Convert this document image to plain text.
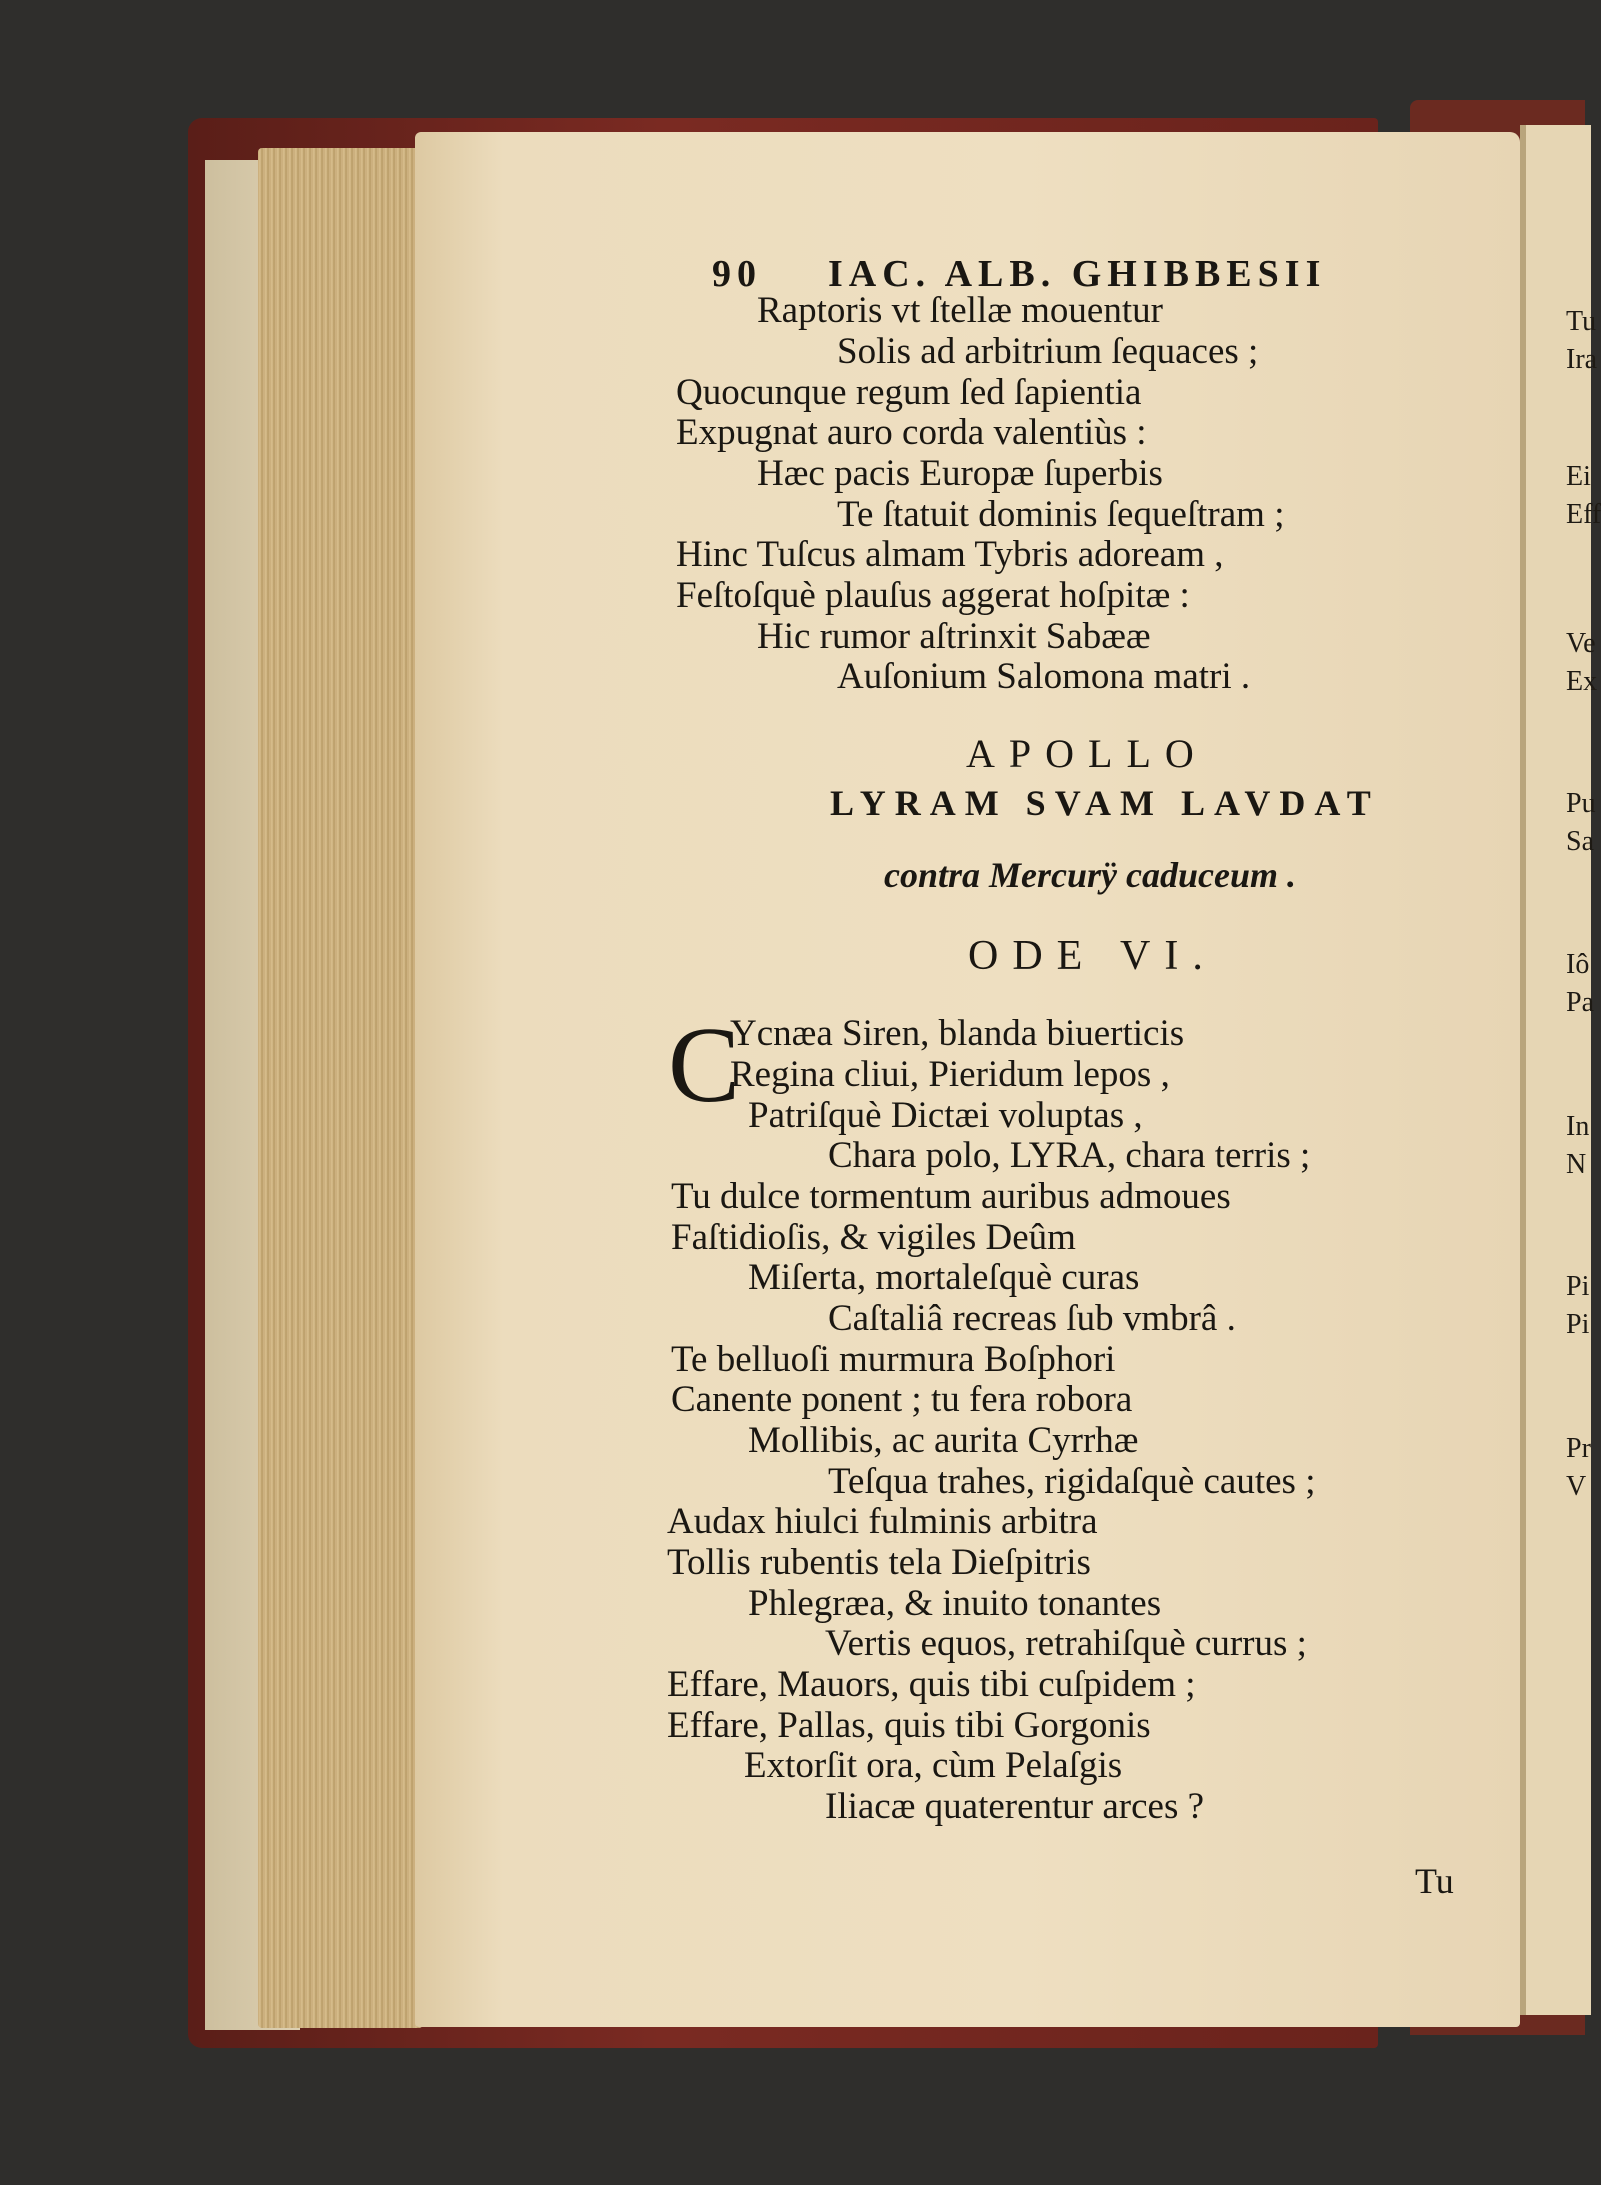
Tu
Ira
Ei
Eff
Ve
Ex
Pu
Sa
Iô
Pa
In
N
Pi
Pi
Pr
V
90 IAC. ALB. GHIBBESII
Raptoris vt ſtellæ mouentur
Solis ad arbitrium ſequaces ;
Quocunque regum ſed ſapientia
Expugnat auro corda valentiùs :
Hæc pacis Europæ ſuperbis
Te ſtatuit dominis ſequeſtram ;
Hinc Tuſcus almam Tybris adoream ,
Feſtoſquè plauſus aggerat hoſpitæ :
Hic rumor aſtrinxit Sabææ
Auſonium Salomona matri .
APOLLO
LYRAM SVAM LAVDAT
contra Mercurÿ caduceum .
ODE VI.
C
Ycnæa Siren, blanda biuerticis
Regina cliui, Pieridum lepos ,
Patriſquè Dictæi voluptas ,
Chara polo, LYRA, chara terris ;
Tu dulce tormentum auribus admoues
Faſtidioſis, & vigiles Deûm
Miſerta, mortaleſquè curas
Caſtaliâ recreas ſub vmbrâ .
Te belluoſi murmura Boſphori
Canente ponent ; tu fera robora
Mollibis, ac aurita Cyrrhæ
Teſqua trahes, rigidaſquè cautes ;
Audax hiulci fulminis arbitra
Tollis rubentis tela Dieſpitris
Phlegræa, & inuito tonantes
Vertis equos, retrahiſquè currus ;
Effare, Mauors, quis tibi cuſpidem ;
Effare, Pallas, quis tibi Gorgonis
Extorſit ora, cùm Pelaſgis
Iliacæ quaterentur arces ?
Tu
